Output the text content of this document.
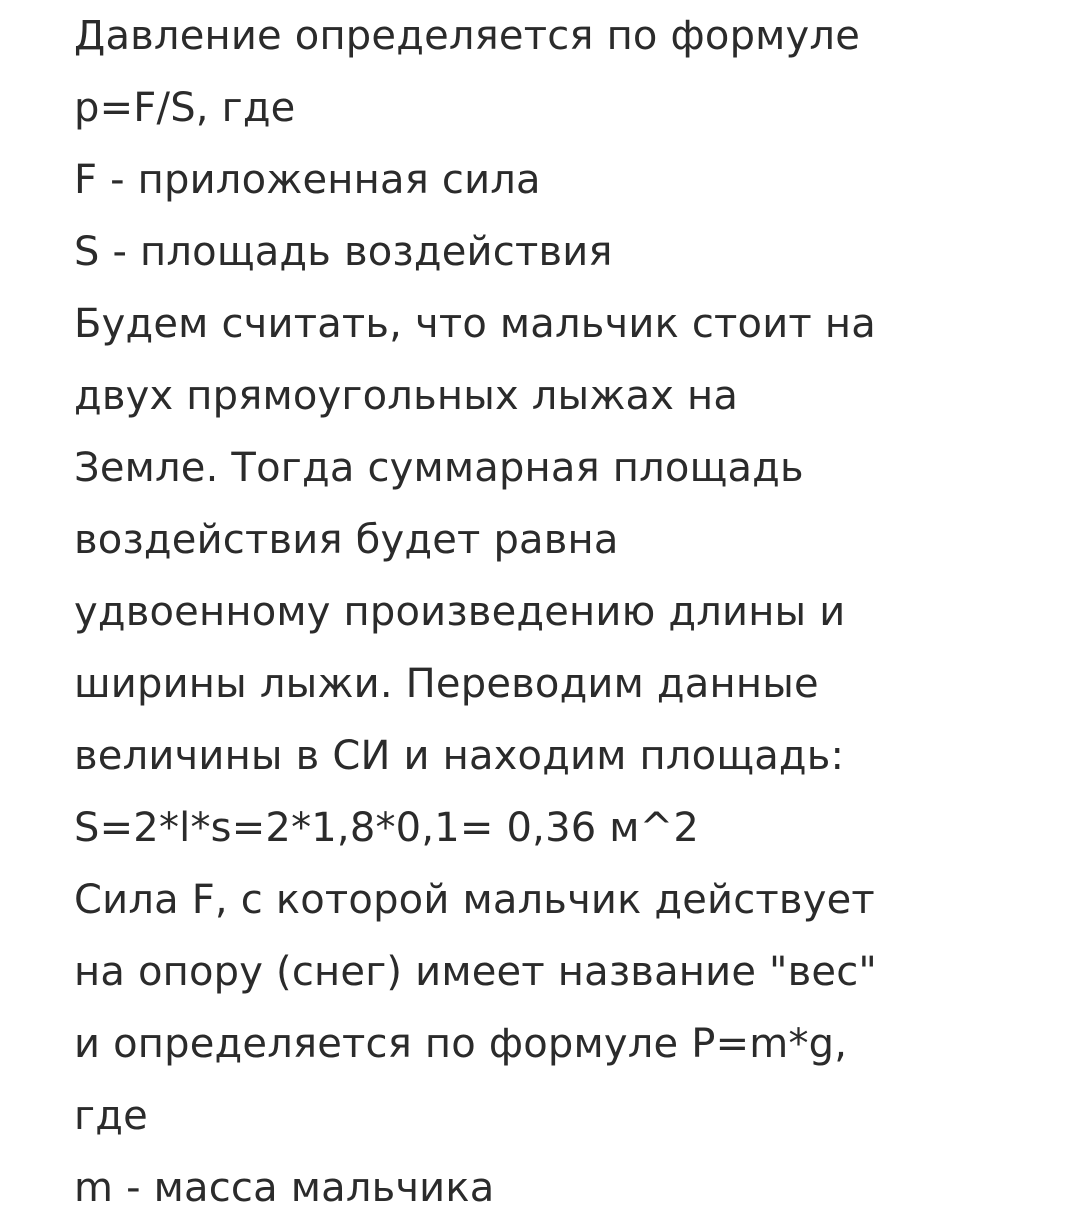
Давление определяется по формуле
p=F/S, где
F - приложенная сила
S - площадь воздействия
Будем считать, что мальчик стоит на
двух прямоугольных лыжах на
Земле. Тогда суммарная площадь
воздействия будет равна
удвоенному произведению длины и
ширины лыжи. Переводим данные
величины в СИ и находим площадь:
S=2*l*s=2*1,8*0,1= 0,36 м^2
Сила F, с которой мальчик действует
на опору (снег) имеет название "вес"
и определяется по формуле P=m*g,
где
m - масса мальчика
